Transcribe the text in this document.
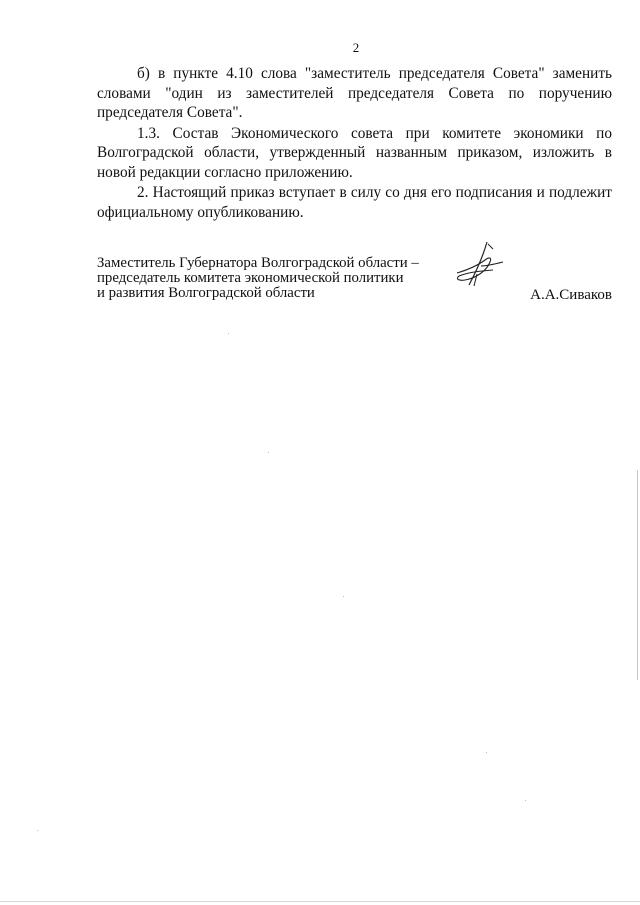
2

б) в пункте 4.10 слова "заместитель председателя Совета" заменить словами "один из заместителей председателя Совета по поручению председателя Совета".

1.3. Состав Экономического совета при комитете экономики по Волгоградской области, утвержденный названным приказом, изложить в новой редакции согласно приложению.

2. Настоящий приказ вступает в силу со дня его подписания и подлежит официальному опубликованию.

Заместитель Губернатора Волгоградской области –
председатель комитета экономической политики
и развития Волгоградской области	А.А.Сиваков
